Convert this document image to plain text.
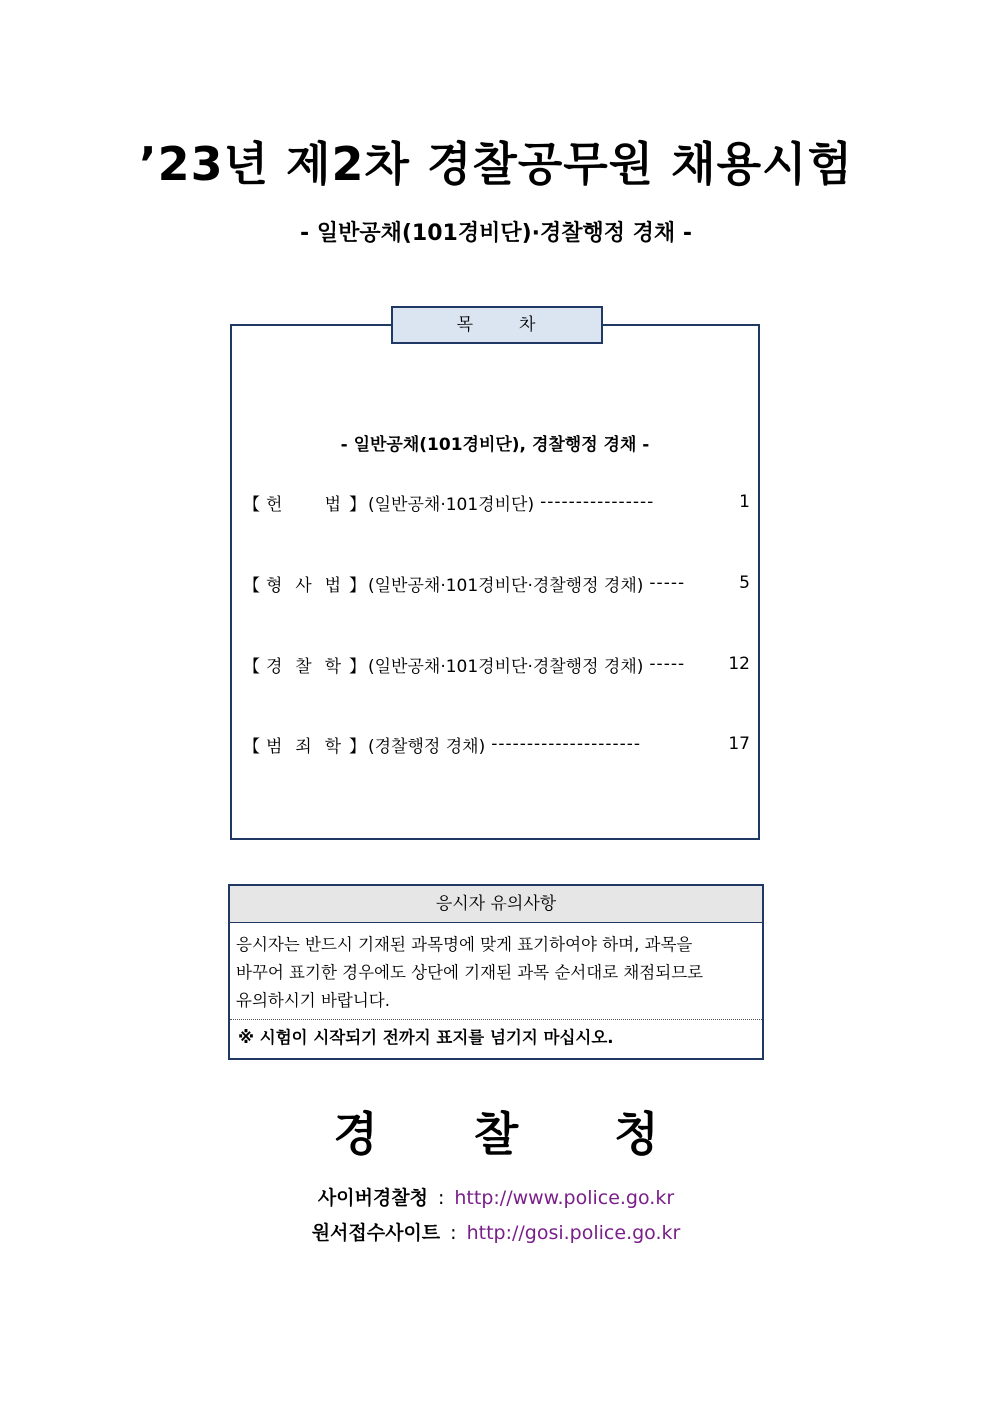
’23년 제2차 경찰공무원 채용시험
- 일반공채(101경비단)·경찰행정 경채 -
목	차
- 일반공채(101경비단), 경찰행정 경채 -
【 헌 법 】 (일반공채·101경비단) ----------------	1
【 형 사 법 】 (일반공채·101경비단·경찰행정 경채) -----	5
【 경 찰 학 】 (일반공채·101경비단·경찰행정 경채) -----	12
【 범 죄 학 】 (경찰행정 경채) ---------------------	17
응시자 유의사항
응시자는 반드시 기재된 과목명에 맞게 표기하여야 하며, 과목을
바꾸어 표기한 경우에도 상단에 기재된 과목 순서대로 채점되므로
유의하시기 바랍니다.
※ 시험이 시작되기 전까지 표지를 넘기지 마십시오.
경 찰 청
사이버경찰청 : http://www.police.go.kr
원서접수사이트 : http://gosi.police.go.kr
